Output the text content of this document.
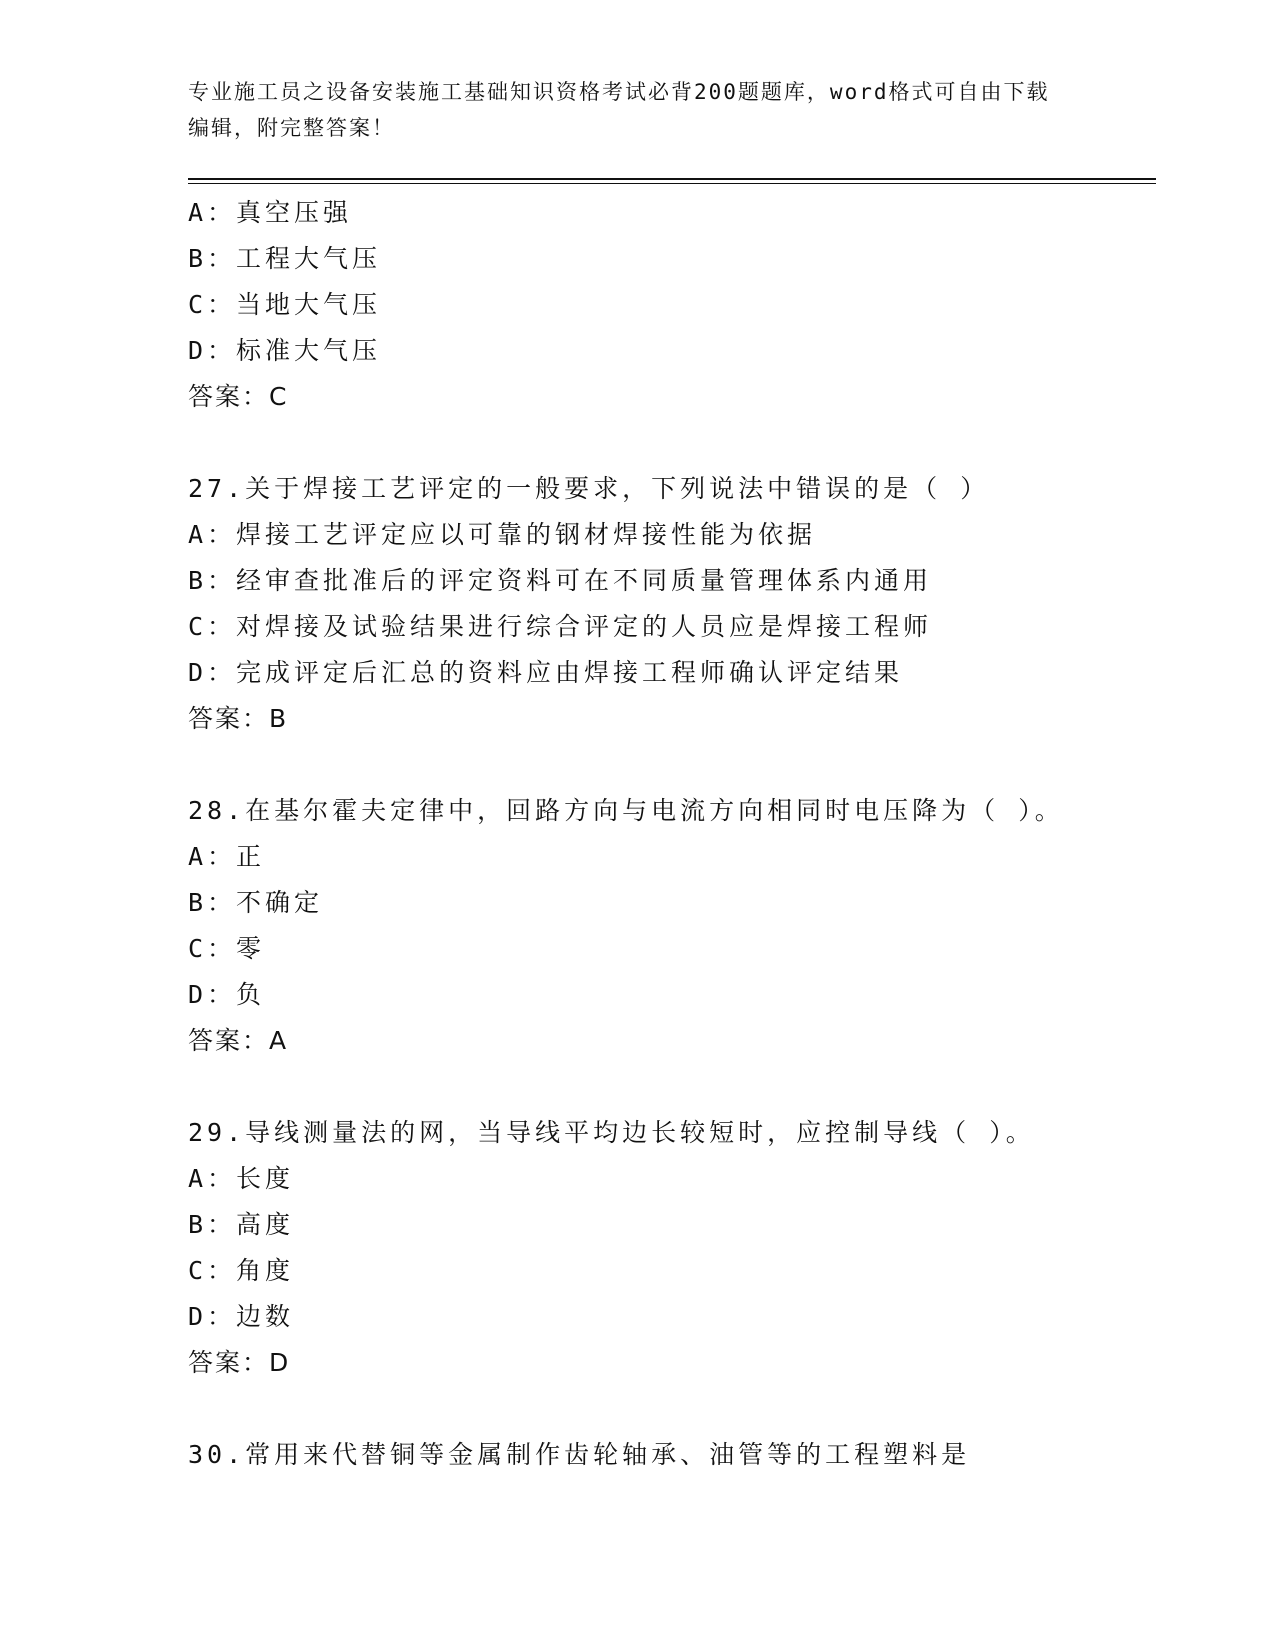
专业施工员之设备安装施工基础知识资格考试必背200题题库，word格式可自由下载编辑，附完整答案！
A：真空压强
B：工程大气压
C：当地大气压
D：标准大气压
答案：C
27.关于焊接工艺评定的一般要求，下列说法中错误的是（ ）
A：焊接工艺评定应以可靠的钢材焊接性能为依据
B：经审查批准后的评定资料可在不同质量管理体系内通用
C：对焊接及试验结果进行综合评定的人员应是焊接工程师
D：完成评定后汇总的资料应由焊接工程师确认评定结果
答案：B
28.在基尔霍夫定律中，回路方向与电流方向相同时电压降为（ ）。
A：正
B：不确定
C：零
D：负
答案：A
29.导线测量法的网，当导线平均边长较短时，应控制导线（ ）。
A：长度
B：高度
C：角度
D：边数
答案：D
30.常用来代替铜等金属制作齿轮轴承、油管等的工程塑料是
